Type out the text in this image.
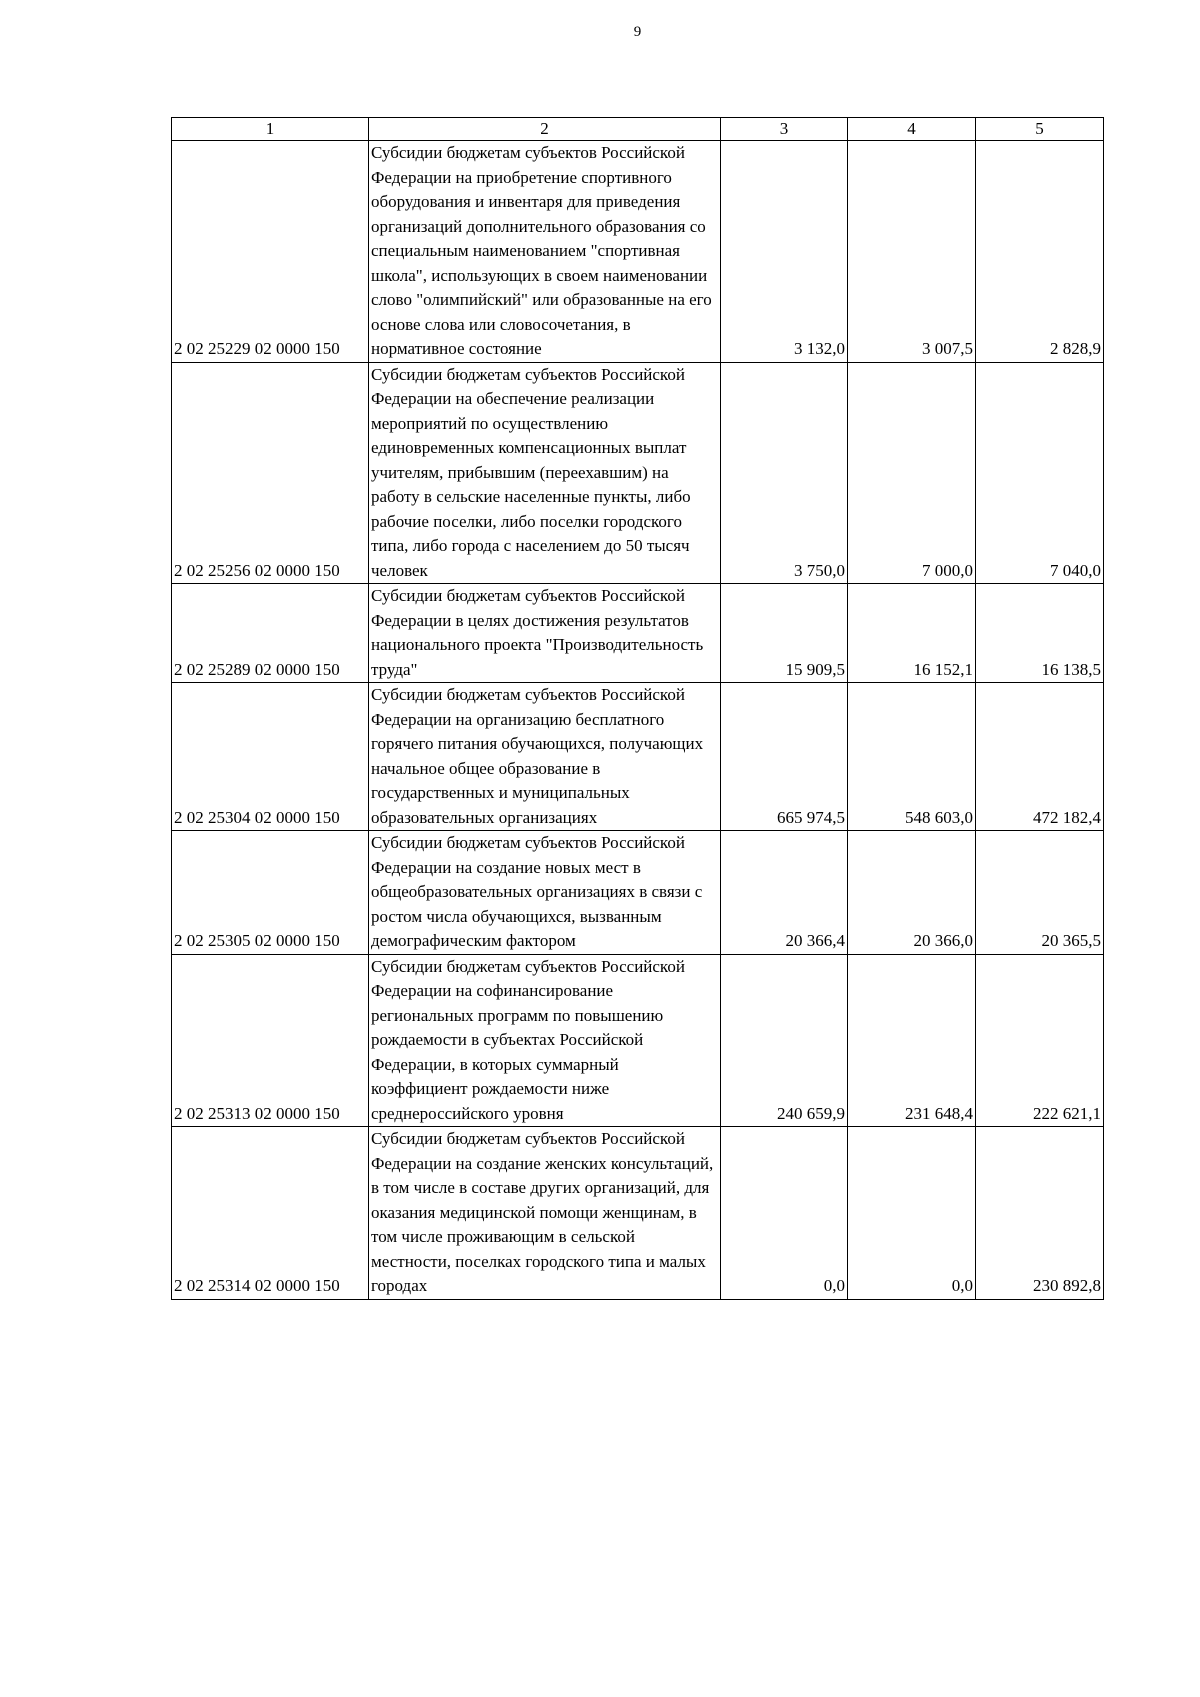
9
1	2	3	4	5
2 02 25229 02 0000 150	Субсидии бюджетам субъектов Российской Федерации на приобретение спортивного оборудования и инвентаря для приведения организаций дополнительного образования со специальным наименованием "спортивная школа", использующих в своем наименовании слово "олимпийский" или образованные на его основе слова или словосочетания, в нормативное состояние	3 132,0	3 007,5	2 828,9
2 02 25256 02 0000 150	Субсидии бюджетам субъектов Российской Федерации на обеспечение реализации мероприятий по осуществлению единовременных компенсационных выплат учителям, прибывшим (переехавшим) на работу в сельские населенные пункты, либо рабочие поселки, либо поселки городского типа, либо города с населением до 50 тысяч человек	3 750,0	7 000,0	7 040,0
2 02 25289 02 0000 150	Субсидии бюджетам субъектов Российской Федерации в целях достижения результатов национального проекта "Производительность труда"	15 909,5	16 152,1	16 138,5
2 02 25304 02 0000 150	Субсидии бюджетам субъектов Российской Федерации на организацию бесплатного горячего питания обучающихся, получающих начальное общее образование в государственных и муниципальных образовательных организациях	665 974,5	548 603,0	472 182,4
2 02 25305 02 0000 150	Субсидии бюджетам субъектов Российской Федерации на создание новых мест в общеобразовательных организациях в связи с ростом числа обучающихся, вызванным демографическим фактором	20 366,4	20 366,0	20 365,5
2 02 25313 02 0000 150	Субсидии бюджетам субъектов Российской Федерации на софинансирование региональных программ по повышению рождаемости в субъектах Российской Федерации, в которых суммарный коэффициент рождаемости ниже среднероссийского уровня	240 659,9	231 648,4	222 621,1
2 02 25314 02 0000 150	Субсидии бюджетам субъектов Российской Федерации на создание женских консультаций, в том числе в составе других организаций, для оказания медицинской помощи женщинам, в том числе проживающим в сельской местности, поселках городского типа и малых городах	0,0	0,0	230 892,8
